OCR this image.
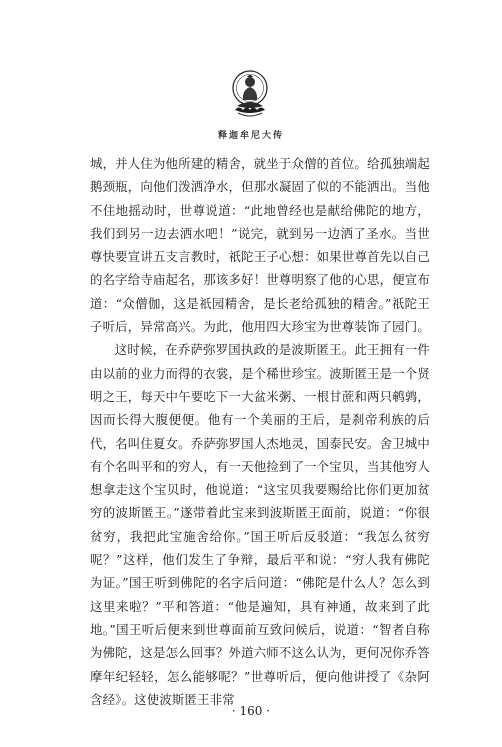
释迦牟尼大传

城，并人住为他所建的精舍，就坐于众僧的首位。给孤独端起鹅颈瓶，向他们泼洒净水，但那水凝固了似的不能洒出。当他不住地摇动时，世尊说道：“此地曾经也是献给佛陀的地方，我们到另一边去洒水吧！”说完，就到另一边洒了圣水。当世尊快要宣讲五支言教时，祇陀王子心想：如果世尊首先以自己的名字给寺庙起名，那该多好！世尊明察了他的心思，便宣布道：“众僧伽，这是祇园精舍，是长老给孤独的精舍。”祇陀王子听后，异常高兴。为此，他用四大珍宝为世尊装饰了园门。

这时候，在乔萨弥罗国执政的是波斯匿王。此王拥有一件由以前的业力而得的衣裳，是个稀世珍宝。波斯匿王是一个贤明之王，每天中午要吃下一大盆米粥、一根甘蔗和两只鹌鹑，因而长得大腹便便。他有一个美丽的王后，是刹帝利族的后代，名叫住夏女。乔萨弥罗国人杰地灵，国泰民安。舍卫城中有个名叫平和的穷人，有一天他捡到了一个宝贝，当其他穷人想拿走这个宝贝时，他说道：“这宝贝我要赐给比你们更加贫穷的波斯匿王。”遂带着此宝来到波斯匿王面前，说道：“你很贫穷，我把此宝施舍给你。”国王听后反驳道：“我怎么贫穷呢？”这样，他们发生了争辩，最后平和说：“穷人我有佛陀为证。”国王听到佛陀的名字后问道：“佛陀是什么人？怎么到这里来啦？”平和答道：“他是遍知，具有神通，故来到了此地。”国王听后便来到世尊面前互致问候后，说道：“智者自称为佛陀，这是怎么回事？外道六师不这么认为，更何况你乔答摩年纪轻轻，怎么能够呢？”世尊听后，便向他讲授了《杂阿含经》。这使波斯匿王非常

· 160 ·
